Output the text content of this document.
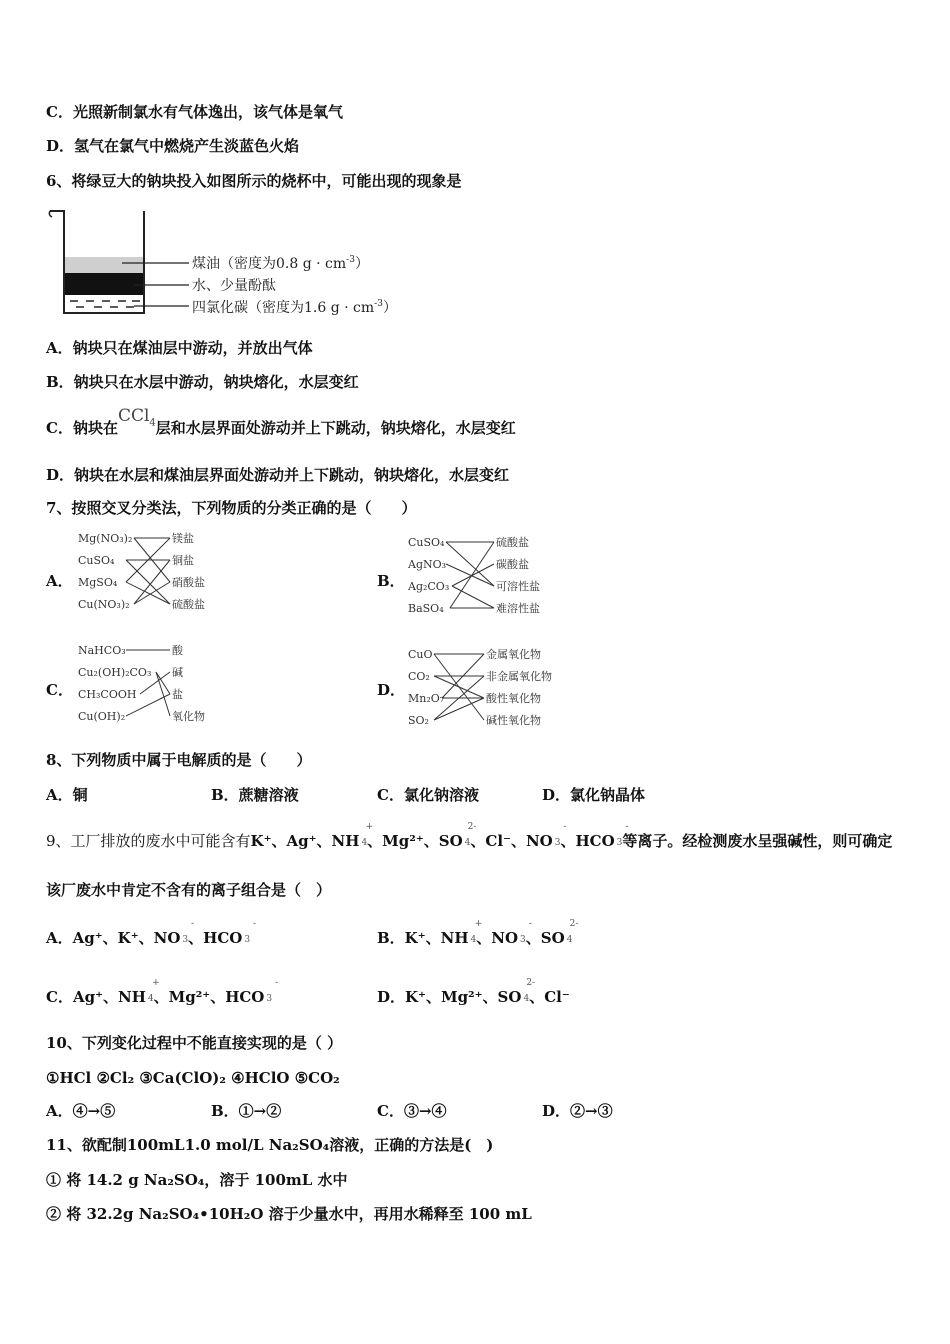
C．光照新制氯水有气体逸出，该气体是氧气
D．氢气在氯气中燃烧产生淡蓝色火焰
6、将绿豆大的钠块投入如图所示的烧杯中，可能出现的现象是
煤油（密度为0.8 $g \cdot cm^{-3}$）
水、少量酚酞
四氯化碳（密度为1.6 $g \cdot cm^{-3}$）
A．钠块只在煤油层中游动，并放出气体
B．钠块只在水层中游动，钠块熔化，水层变红
C．钠块在CCl$_4$层和水层界面处游动并上下跳动，钠块熔化，水层变红
D．钠块在水层和煤油层界面处游动并上下跳动，钠块熔化，水层变红
7、按照交叉分类法，下列物质的分类正确的是（　　）
A．
Mg(NO₃)₂
CuSO₄
MgSO₄
Cu(NO₃)₂
镁盐
铜盐
硝酸盐
硫酸盐
B．
CuSO₄
AgNO₃
Ag₂CO₃
BaSO₄
硫酸盐
碳酸盐
可溶性盐
难溶性盐
C．
NaHCO₃
Cu₂(OH)₂CO₃
CH₃COOH
Cu(OH)₂
酸
碱
盐
氧化物
D．
CuO
CO₂
Mn₂O₇
SO₂
金属氧化物
非金属氧化物
酸性氧化物
碱性氧化物
8、下列物质中属于电解质的是（　　）
A．铜	B．蔗糖溶液	C．氯化钠溶液	D．氯化钠晶体
9、工厂排放的废水中可能含有K⁺、Ag⁺、NH
+
4、Mg²⁺、SO
2-
4、Cl⁻、NO
-
3、HCO
-
3等离子。经检测废水呈强碱性，则可确定
该厂废水中肯定不含有的离子组合是（　）
A．Ag⁺、K⁺、NO
-
3、HCO
-
3	B．K⁺、NH
+
4、NO
-
3、SO
2-
4
C．Ag⁺、NH
+
4、Mg²⁺、HCO
-
3	D．K⁺、Mg²⁺、SO
2-
4、Cl⁻
10、下列变化过程中不能直接实现的是（ ）
①HCl ②Cl₂ ③Ca(ClO)₂ ④HClO ⑤CO₂
A．④→⑤	B．①→②	C．③→④	D．②→③
11、欲配制100mL1.0 mol/L Na₂SO₄溶液，正确的方法是(　)
① 将 14.2 g Na₂SO₄，溶于 100mL 水中
② 将 32.2g Na₂SO₄•10H₂O 溶于少量水中，再用水稀释至 100 mL
